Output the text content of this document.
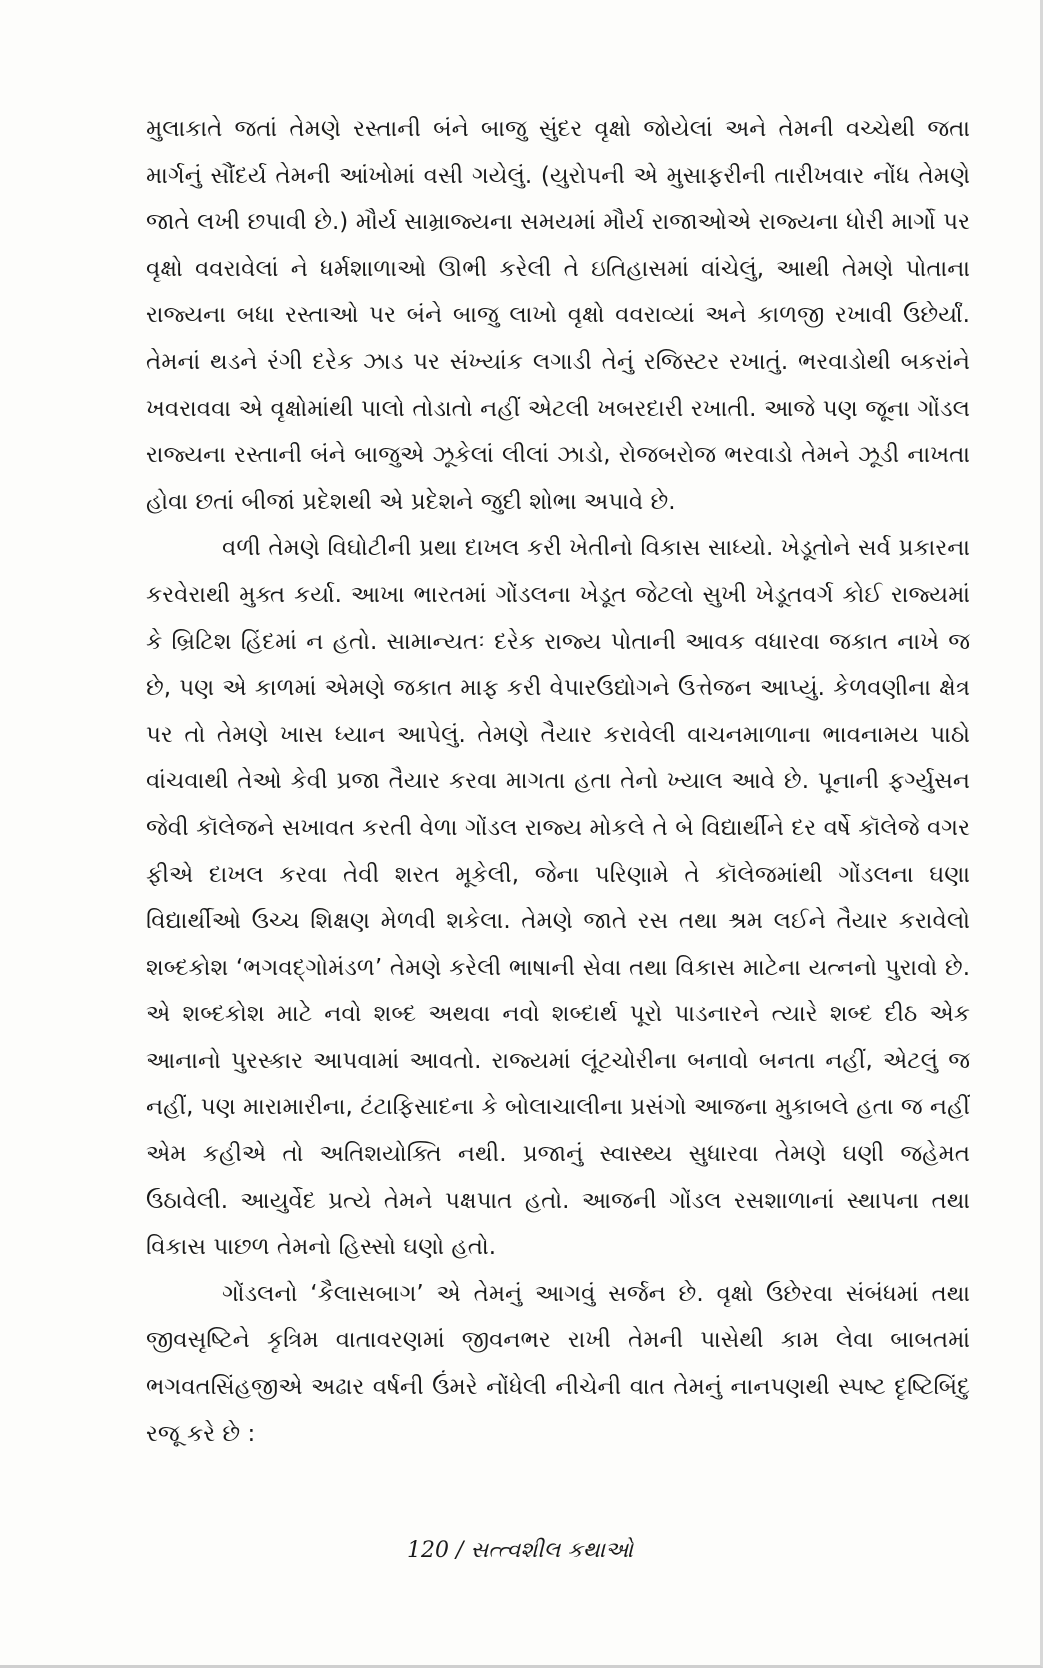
મુલાકાતે જતાં તેમણે રસ્તાની બંને બાજુ સુંદર વૃક્ષો જોયેલાં અને તેમની વચ્ચેથી જતા માર્ગનું સૌંદર્ય તેમની આંખોમાં વસી ગયેલું. (યુરોપની એ મુસાફરીની તારીખવાર નોંધ તેમણે જાતે લખી છપાવી છે.) મૌર્ય સામ્રાજ્યના સમયમાં મૌર્ય રાજાઓએ રાજ્યના ધોરી માર્ગો પર વૃક્ષો વવરાવેલાં ને ધર્મશાળાઓ ઊભી કરેલી તે ઇતિહાસમાં વાંચેલું, આથી તેમણે પોતાના રાજ્યના બધા રસ્તાઓ પર બંને બાજુ લાખો વૃક્ષો વવરાવ્યાં અને કાળજી રખાવી ઉછેર્યાં. તેમનાં થડને રંગી દરેક ઝાડ પર સંખ્યાંક લગાડી તેનું રજિસ્ટર રખાતું. ભરવાડોથી બકરાંને ખવરાવવા એ વૃક્ષોમાંથી પાલો તોડાતો નહીં એટલી ખબરદારી રખાતી. આજે પણ જૂના ગોંડલ રાજ્યના રસ્તાની બંને બાજુએ ઝૂકેલાં લીલાં ઝાડો, રોજબરોજ ભરવાડો તેમને ઝૂડી નાખતા હોવા છતાં બીજાં પ્રદેશથી એ પ્રદેશને જુદી શોભા અપાવે છે.

વળી તેમણે વિઘોટીની પ્રથા દાખલ કરી ખેતીનો વિકાસ સાધ્યો. ખેડૂતોને સર્વ પ્રકારના કરવેરાથી મુક્ત કર્યા. આખા ભારતમાં ગોંડલના ખેડૂત જેટલો સુખી ખેડૂતવર્ગ કોઈ રાજ્યમાં કે બ્રિટિશ હિંદમાં ન હતો. સામાન્યતઃ દરેક રાજ્ય પોતાની આવક વધારવા જકાત નાખે જ છે, પણ એ કાળમાં એમણે જકાત માફ કરી વેપારઉદ્યોગને ઉત્તેજન આપ્યું. કેળવણીના ક્ષેત્ર પર તો તેમણે ખાસ ધ્યાન આપેલું. તેમણે તૈયાર કરાવેલી વાચનમાળાના ભાવનામય પાઠો વાંચવાથી તેઓ કેવી પ્રજા તૈયાર કરવા માગતા હતા તેનો ખ્યાલ આવે છે. પૂનાની ફર્ગ્યુસન જેવી કૉલેજને સખાવત કરતી વેળા ગોંડલ રાજ્ય મોકલે તે બે વિદ્યાર્થીને દર વર્ષે કૉલેજે વગર ફીએ દાખલ કરવા તેવી શરત મૂકેલી, જેના પરિણામે તે કૉલેજમાંથી ગોંડલના ઘણા વિદ્યાર્થીઓ ઉચ્ચ શિક્ષણ મેળવી શકેલા. તેમણે જાતે રસ તથા શ્રમ લઈને તૈયાર કરાવેલો શબ્દકોશ ‘ભગવદ્ગોમંડળ’ તેમણે કરેલી ભાષાની સેવા તથા વિકાસ માટેના યત્નનો પુરાવો છે. એ શબ્દકોશ માટે નવો શબ્દ અથવા નવો શબ્દાર્થ પૂરો પાડનારને ત્યારે શબ્દ દીઠ એક આનાનો પુરસ્કાર આપવામાં આવતો. રાજ્યમાં લૂંટચોરીના બનાવો બનતા નહીં, એટલું જ નહીં, પણ મારામારીના, ટંટાફિસાદના કે બોલાચાલીના પ્રસંગો આજના મુકાબલે હતા જ નહીં એમ કહીએ તો અતિશયોક્તિ નથી. પ્રજાનું સ્વાસ્થ્ય સુધારવા તેમણે ઘણી જહેમત ઉઠાવેલી. આયુર્વેદ પ્રત્યે તેમને પક્ષપાત હતો. આજની ગોંડલ રસશાળાનાં સ્થાપના તથા વિકાસ પાછળ તેમનો હિસ્સો ઘણો હતો.

ગોંડલનો ‘કૈલાસબાગ’ એ તેમનું આગવું સર્જન છે. વૃક્ષો ઉછેરવા સંબંધમાં તથા જીવસૃષ્ટિને કૃત્રિમ વાતાવરણમાં જીવનભર રાખી તેમની પાસેથી કામ લેવા બાબતમાં ભગવતસિંહજીએ અઢાર વર્ષની ઉંમરે નોંધેલી નીચેની વાત તેમનું નાનપણથી સ્પષ્ટ દૃષ્ટિબિંદુ રજૂ કરે છે :

120 / સત્ત્વશીલ કથાઓ
